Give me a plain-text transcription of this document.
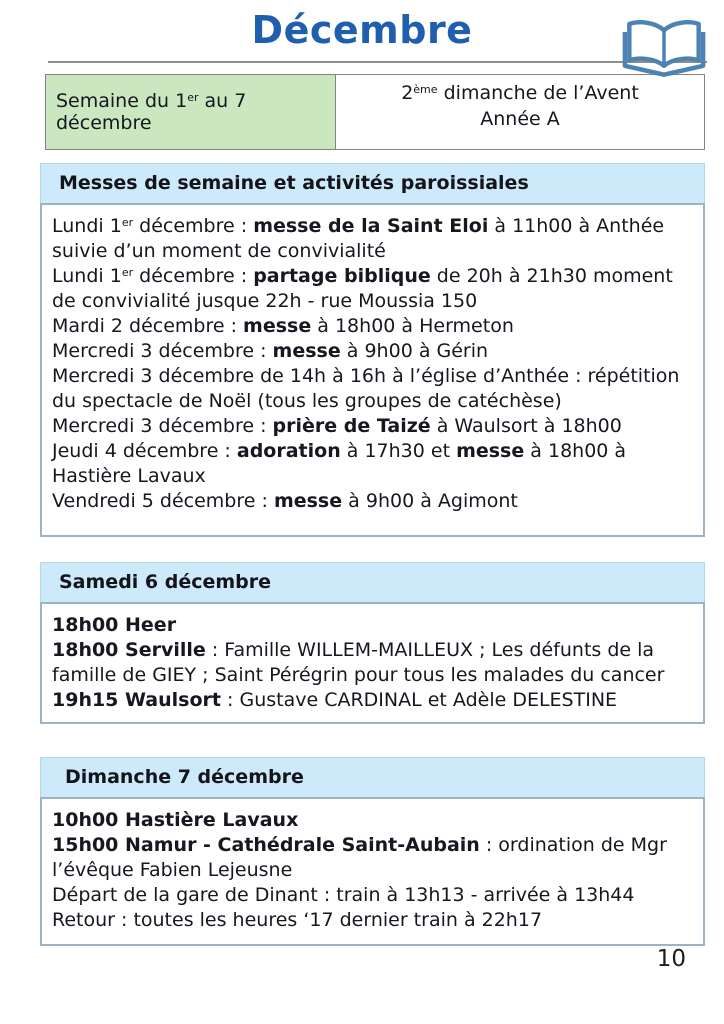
Décembre
Semaine du 1er au 7 décembre
2ème dimanche de l’Avent
Année A
Messes de semaine et activités paroissiales
Lundi 1er décembre : messe de la Saint Eloi à 11h00 à Anthée suivie d’un moment de convivialité
Lundi 1er décembre : partage biblique de 20h à 21h30 moment de convivialité jusque 22h - rue Moussia 150
Mardi 2 décembre : messe à 18h00 à Hermeton
Mercredi 3 décembre : messe à 9h00 à Gérin
Mercredi 3 décembre de 14h à 16h à l’église d’Anthée : répétition du spectacle de Noël (tous les groupes de catéchèse)
Mercredi 3 décembre : prière de Taizé à Waulsort à 18h00
Jeudi 4 décembre : adoration à 17h30 et messe à 18h00 à Hastière Lavaux
Vendredi 5 décembre : messe à 9h00 à Agimont
Samedi 6 décembre
18h00 Heer
18h00 Serville : Famille WILLEM-MAILLEUX ; Les défunts de la famille de GIEY ; Saint Pérégrin pour tous les malades du cancer
19h15 Waulsort : Gustave CARDINAL et Adèle DELESTINE
Dimanche 7 décembre
10h00 Hastière Lavaux
15h00 Namur - Cathédrale Saint-Aubain : ordination de Mgr l’évêque Fabien Lejeusne
Départ de la gare de Dinant : train à 13h13 - arrivée à 13h44
Retour : toutes les heures ‘17 dernier train à 22h17
10
